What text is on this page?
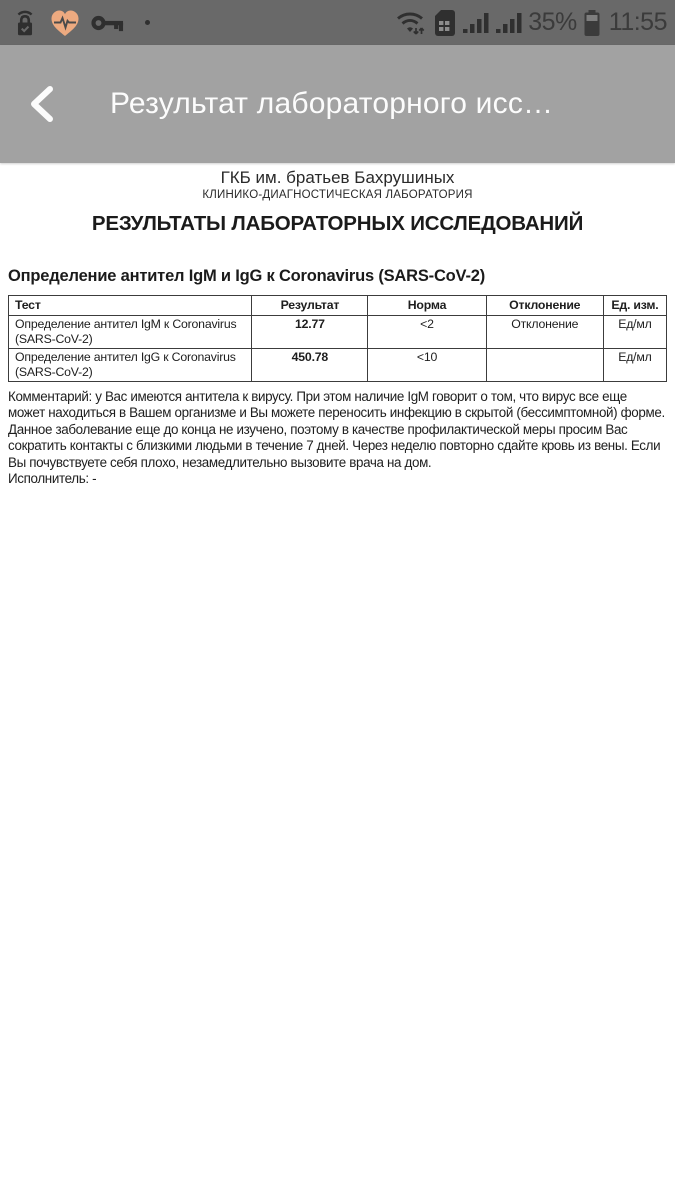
35% 11:55
Результат лабораторного исс…
ГКБ им. братьев Бахрушиных
КЛИНИКО-ДИАГНОСТИЧЕСКАЯ ЛАБОРАТОРИЯ
РЕЗУЛЬТАТЫ ЛАБОРАТОРНЫХ ИССЛЕДОВАНИЙ
Определение антител IgM и IgG к Coronavirus (SARS-CoV-2)
Тест	Результат	Норма	Отклонение	Ед. изм.
Определение антител IgM к Coronavirus (SARS-CoV-2)	12.77	<2	Отклонение	Ед/мл
Определение антител IgG к Coronavirus (SARS-CoV-2)	450.78	<10		Ед/мл
Комментарий: у Вас имеются антитела к вирусу. При этом наличие IgM говорит о том, что вирус все еще может находиться в Вашем организме и Вы можете переносить инфекцию в скрытой (бессимптомной) форме. Данное заболевание еще до конца не изучено, поэтому в качестве профилактической меры просим Вас сократить контакты с близкими людьми в течение 7 дней. Через неделю повторно сдайте кровь из вены. Если Вы почувствуете себя плохо, незамедлительно вызовите врача на дом.
Исполнитель: -
